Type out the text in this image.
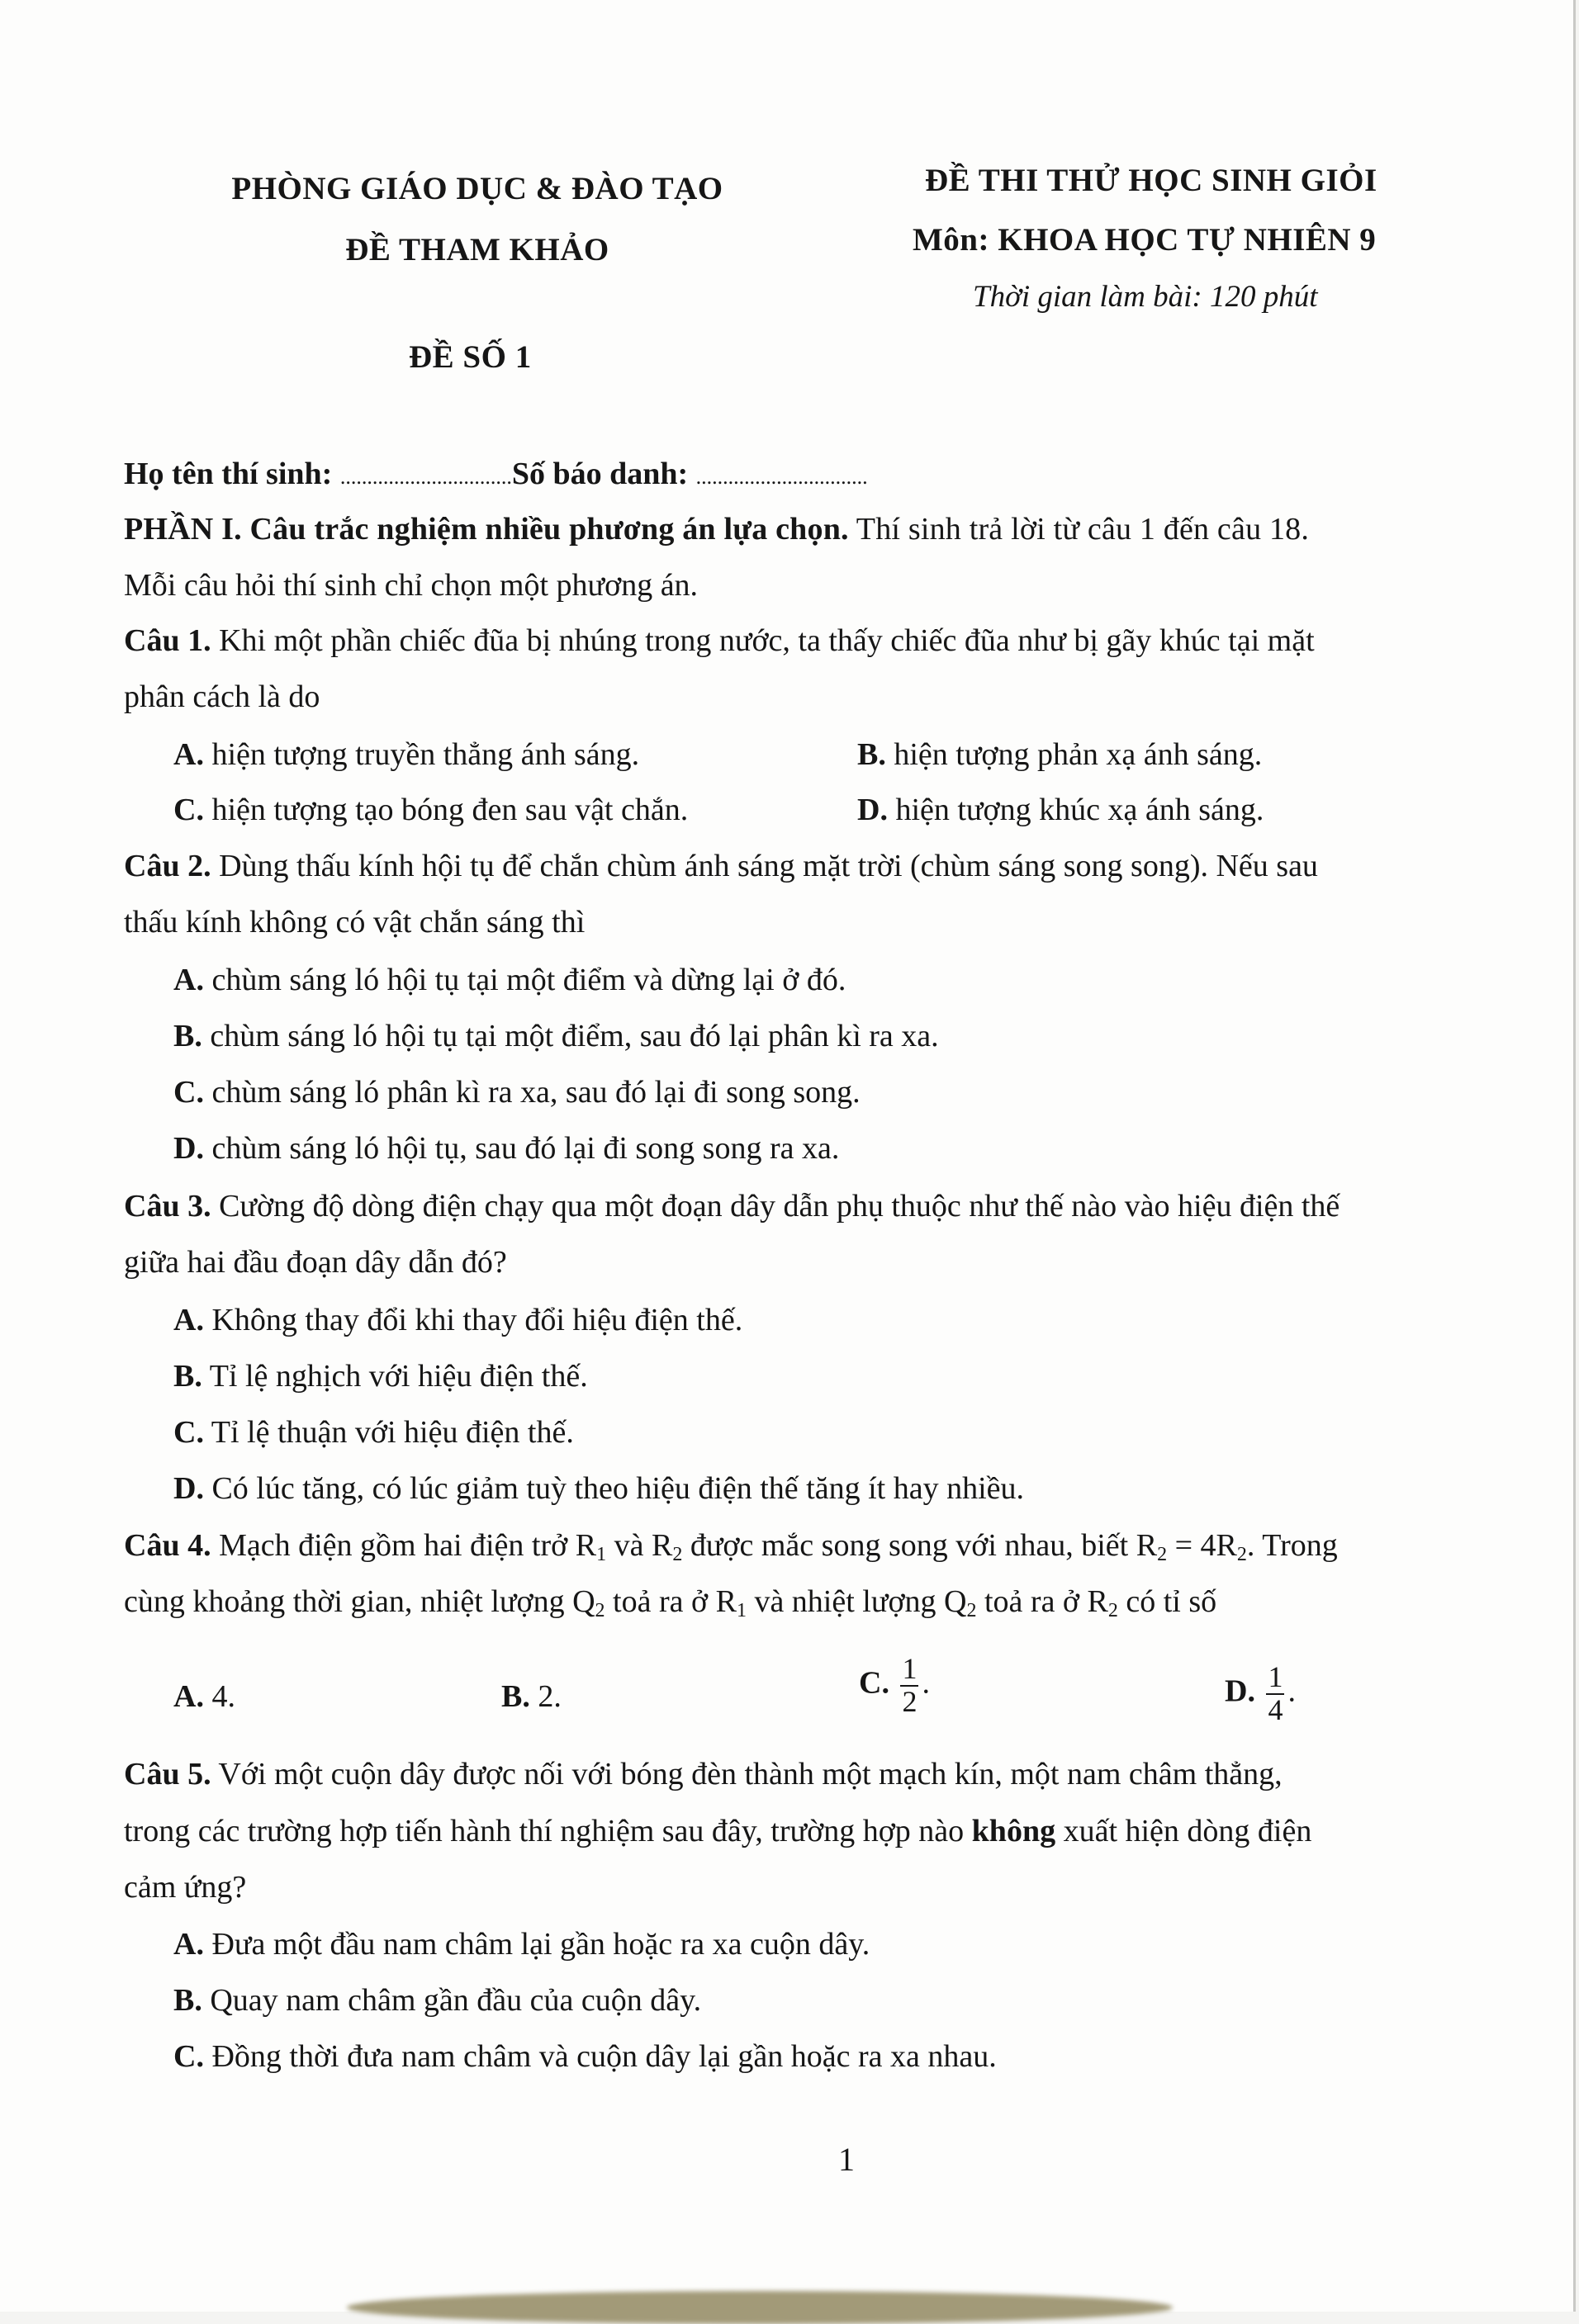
PHÒNG GIÁO DỤC & ĐÀO TẠO
ĐỀ THAM KHẢO
ĐỀ SỐ 1
ĐỀ THI THỬ HỌC SINH GIỎI
Môn: KHOA HỌC TỰ NHIÊN 9
Thời gian làm bài: 120 phút
Họ tên thí sinh: ................................Số báo danh: ................................
PHẦN I. Câu trắc nghiệm nhiều phương án lựa chọn. Thí sinh trả lời từ câu 1 đến câu 18.
Mỗi câu hỏi thí sinh chỉ chọn một phương án.
Câu 1. Khi một phần chiếc đũa bị nhúng trong nước, ta thấy chiếc đũa như bị gãy khúc tại mặt
phân cách là do
A. hiện tượng truyền thẳng ánh sáng.	B. hiện tượng phản xạ ánh sáng.
C. hiện tượng tạo bóng đen sau vật chắn.	D. hiện tượng khúc xạ ánh sáng.
Câu 2. Dùng thấu kính hội tụ để chắn chùm ánh sáng mặt trời (chùm sáng song song). Nếu sau
thấu kính không có vật chắn sáng thì
A. chùm sáng ló hội tụ tại một điểm và dừng lại ở đó.
B. chùm sáng ló hội tụ tại một điểm, sau đó lại phân kì ra xa.
C. chùm sáng ló phân kì ra xa, sau đó lại đi song song.
D. chùm sáng ló hội tụ, sau đó lại đi song song ra xa.
Câu 3. Cường độ dòng điện chạy qua một đoạn dây dẫn phụ thuộc như thế nào vào hiệu điện thế
giữa hai đầu đoạn dây dẫn đó?
A. Không thay đổi khi thay đổi hiệu điện thế.
B. Tỉ lệ nghịch với hiệu điện thế.
C. Tỉ lệ thuận với hiệu điện thế.
D. Có lúc tăng, có lúc giảm tuỳ theo hiệu điện thế tăng ít hay nhiều.
Câu 4. Mạch điện gồm hai điện trở $R_1$ và $R_2$ được mắc song song với nhau, biết $R_2 = 4R_2$. Trong
cùng khoảng thời gian, nhiệt lượng $Q_2$ toả ra ở $R_1$ và nhiệt lượng $Q_2$ toả ra ở $R_2$ có tỉ số
A. 4.	B. 2.	C. $\frac{1}{2}$ .	D. $\frac{1}{4}$ .
Câu 5. Với một cuộn dây được nối với bóng đèn thành một mạch kín, một nam châm thẳng,
trong các trường hợp tiến hành thí nghiệm sau đây, trường hợp nào không xuất hiện dòng điện
cảm ứng?
A. Đưa một đầu nam châm lại gần hoặc ra xa cuộn dây.
B. Quay nam châm gần đầu của cuộn dây.
C. Đồng thời đưa nam châm và cuộn dây lại gần hoặc ra xa nhau.
1
